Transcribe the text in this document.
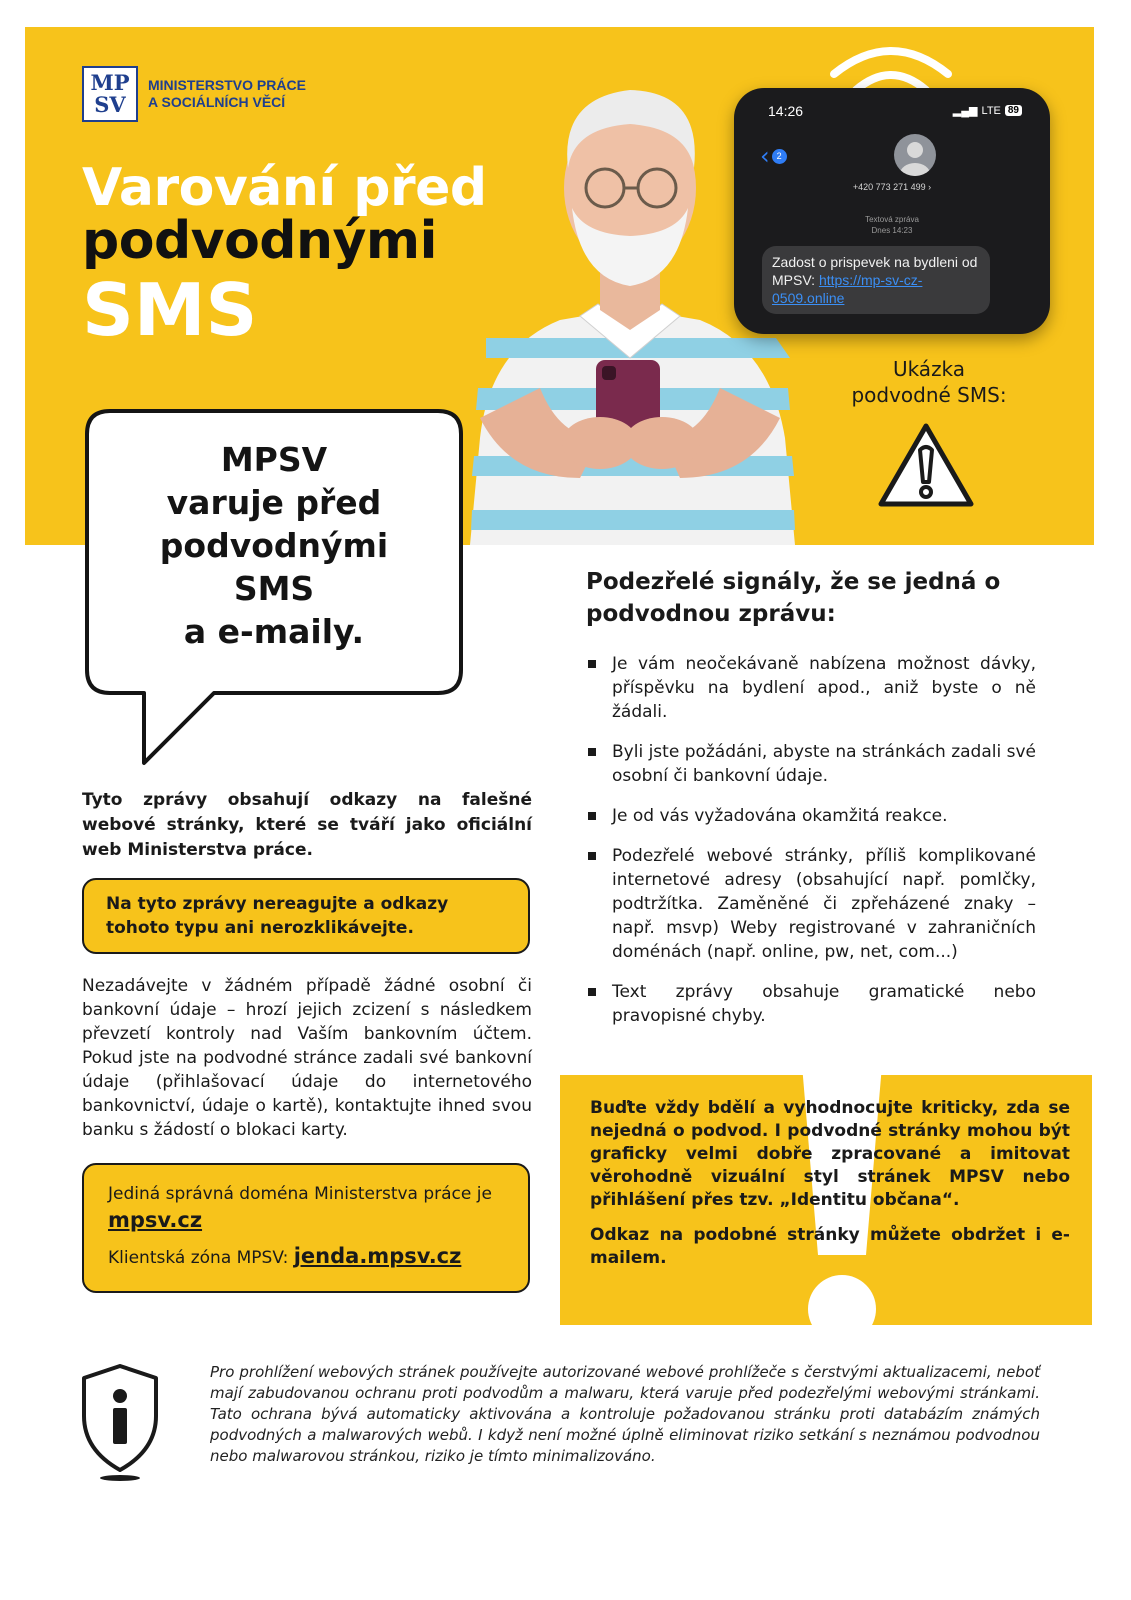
MP
SV
MINISTERSTVO PRÁCE
A SOCIÁLNÍCH VĚCÍ
Varování před
podvodnými
SMS
14:26	▂▄▆ LTE 89
‹ 2
+420 773 271 499 ›
Textová zpráva
Dnes 14:23
Zadost o prispevek na bydleni od MPSV: https://mp-sv-cz-0509.online
Ukázka
podvodné SMS:
MPSV
varuje před
podvodnými
SMS
a e-maily.

Tyto zprávy obsahují odkazy na falešné webové stránky, které se tváří jako oficiální web Ministerstva práce.

Na tyto zprávy nereagujte a odkazy tohoto typu ani nerozklikávejte.

Nezadávejte v žádném případě žádné osobní či bankovní údaje – hrozí jejich zcizení s následkem převzetí kontroly nad Vaším bankovním účtem. Pokud jste na podvodné stránce zadali své bankovní údaje (přihlašovací údaje do internetového bankovnictví, údaje o kartě), kontaktujte ihned svou banku s žádostí o blokaci karty.

Jediná správná doména Ministerstva práce je mpsv.cz
Klientská zóna MPSV: jenda.mpsv.cz
Podezřelé signály, že se jedná o podvodnou zprávu:
Je vám neočekávaně nabízena možnost dávky, příspěvku na bydlení apod., aniž byste o ně žádali.
Byli jste požádáni, abyste na stránkách zadali své osobní či bankovní údaje.
Je od vás vyžadována okamžitá reakce.
Podezřelé webové stránky, příliš komplikované internetové adresy (obsahující např. pomlčky, podtržítka. Zaměněné či zpřeházené znaky – např. msvp) Weby registrované v zahraničních doménách (např. online, pw, net, com...)
Text zprávy obsahuje gramatické nebo pravopisné chyby.

Buďte vždy bdělí a vyhodnocujte kriticky, zda se nejedná o podvod. I podvodné stránky mohou být graficky velmi dobře zpracované a imitovat věrohodně vizuální styl stránek MPSV nebo přihlášení přes tzv. „Identitu občana“.

Odkaz na podobné stránky můžete obdržet i e-mailem.

Pro prohlížení webových stránek používejte autorizované webové prohlížeče s čerstvými aktualizacemi, neboť mají zabudovanou ochranu proti podvodům a malwaru, která varuje před podezřelými webovými stránkami. Tato ochrana bývá automaticky aktivována a kontroluje požadovanou stránku proti databázím známých podvodných a malwarových webů. I když není možné úplně eliminovat riziko setkání s neznámou podvodnou nebo malwarovou stránkou, riziko je tímto minimalizováno.
